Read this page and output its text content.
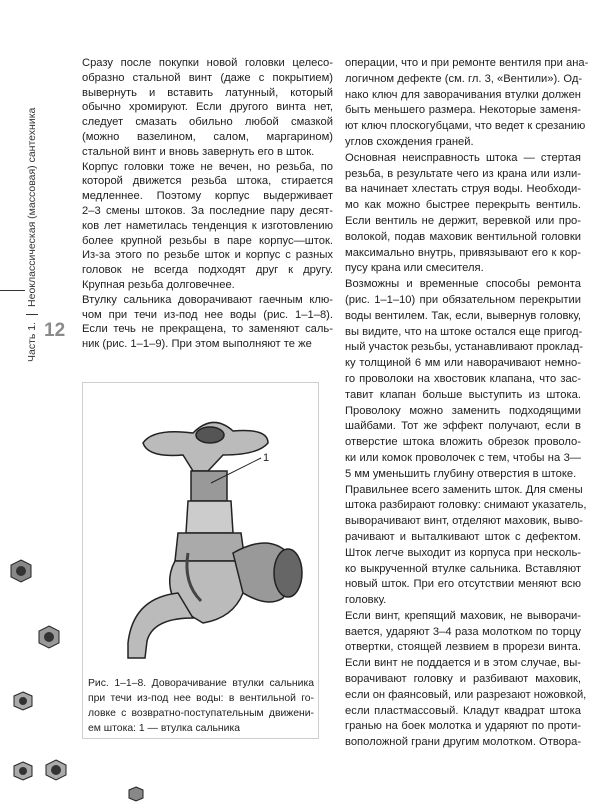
Часть 1.Неоклассическая (массовая) сантехника
12
Сразу после покупки новой головки целесо-
образно стальной винт (даже с покрытием)
вывернуть и вставить латунный, который
обычно хромируют. Если другого винта нет,
следует смазать обильно любой смазкой
(можно вазелином, салом, маргарином)
стальной винт и вновь завернуть его в шток.
Корпус головки тоже не вечен, но резьба, по
которой движется резьба штока, стирается
медленнее. Поэтому корпус выдерживает
2–3 смены штоков. За последние пару десят-
ков лет наметилась тенденция к изготовлению
более крупной резьбы в паре корпус—шток.
Из-за этого по резьбе шток и корпус с разных
головок не всегда подходят друг к другу.
Крупная резьба долговечнее.
Втулку сальника доворачивают гаечным клю-
чом при течи из-под нее воды (рис. 1–1–8).
Если течь не прекращена, то заменяют саль-
ник (рис. 1–1–9). При этом выполняют те же
операции, что и при ремонте вентиля при ана-
логичном дефекте (см. гл. 3, «Вентили»). Од-
нако ключ для заворачивания втулки должен
быть меньшего размера. Некоторые заменя-
ют ключ плоскогубцами, что ведет к срезанию
углов схождения граней.
Основная неисправность штока — стертая
резьба, в результате чего из крана или изли-
ва начинает хлестать струя воды. Необходи-
мо как можно быстрее перекрыть вентиль.
Если вентиль не держит, веревкой или про-
волокой, подав маховик вентильной головки
максимально внутрь, привязывают его к кор-
пусу крана или смесителя.
Возможны и временные способы ремонта
(рис. 1–1–10) при обязательном перекрытии
воды вентилем. Так, если, вывернув головку,
вы видите, что на штоке остался еще пригод-
ный участок резьбы, устанавливают проклад-
ку толщиной 6 мм или наворачивают немно-
го проволоки на хвостовик клапана, что зас-
тавит клапан больше выступить из штока.
Проволоку можно заменить подходящими
шайбами. Тот же эффект получают, если в
отверстие штока вложить обрезок проволо-
ки или комок проволочек с тем, чтобы на 3—
5 мм уменьшить глубину отверстия в штоке.
Правильнее всего заменить шток. Для смены
штока разбирают головку: снимают указатель,
выворачивают винт, отделяют маховик, выво-
рачивают и выталкивают шток с дефектом.
Шток легче выходит из корпуса при несколь-
ко выкрученной втулке сальника. Вставляют
новый шток. При его отсутствии меняют всю
головку.
Если винт, крепящий маховик, не выворачи-
вается, ударяют 3–4 раза молотком по торцу
отвертки, стоящей лезвием в прорези винта.
Если винт не поддается и в этом случае, вы-
ворачивают головку и разбивают маховик,
если он фаянсовый, или разрезают ножовкой,
если пластмассовый. Кладут квадрат штока
гранью на боек молотка и ударяют по проти-
воположной грани другим молотком. Отвора-
1
Рис. 1–1–8. Доворачивание втулки сальника
при течи из-под нее воды: в вентильной го-
ловке с возвратно-поступательным движени-
ем штока: 1 — втулка сальника
